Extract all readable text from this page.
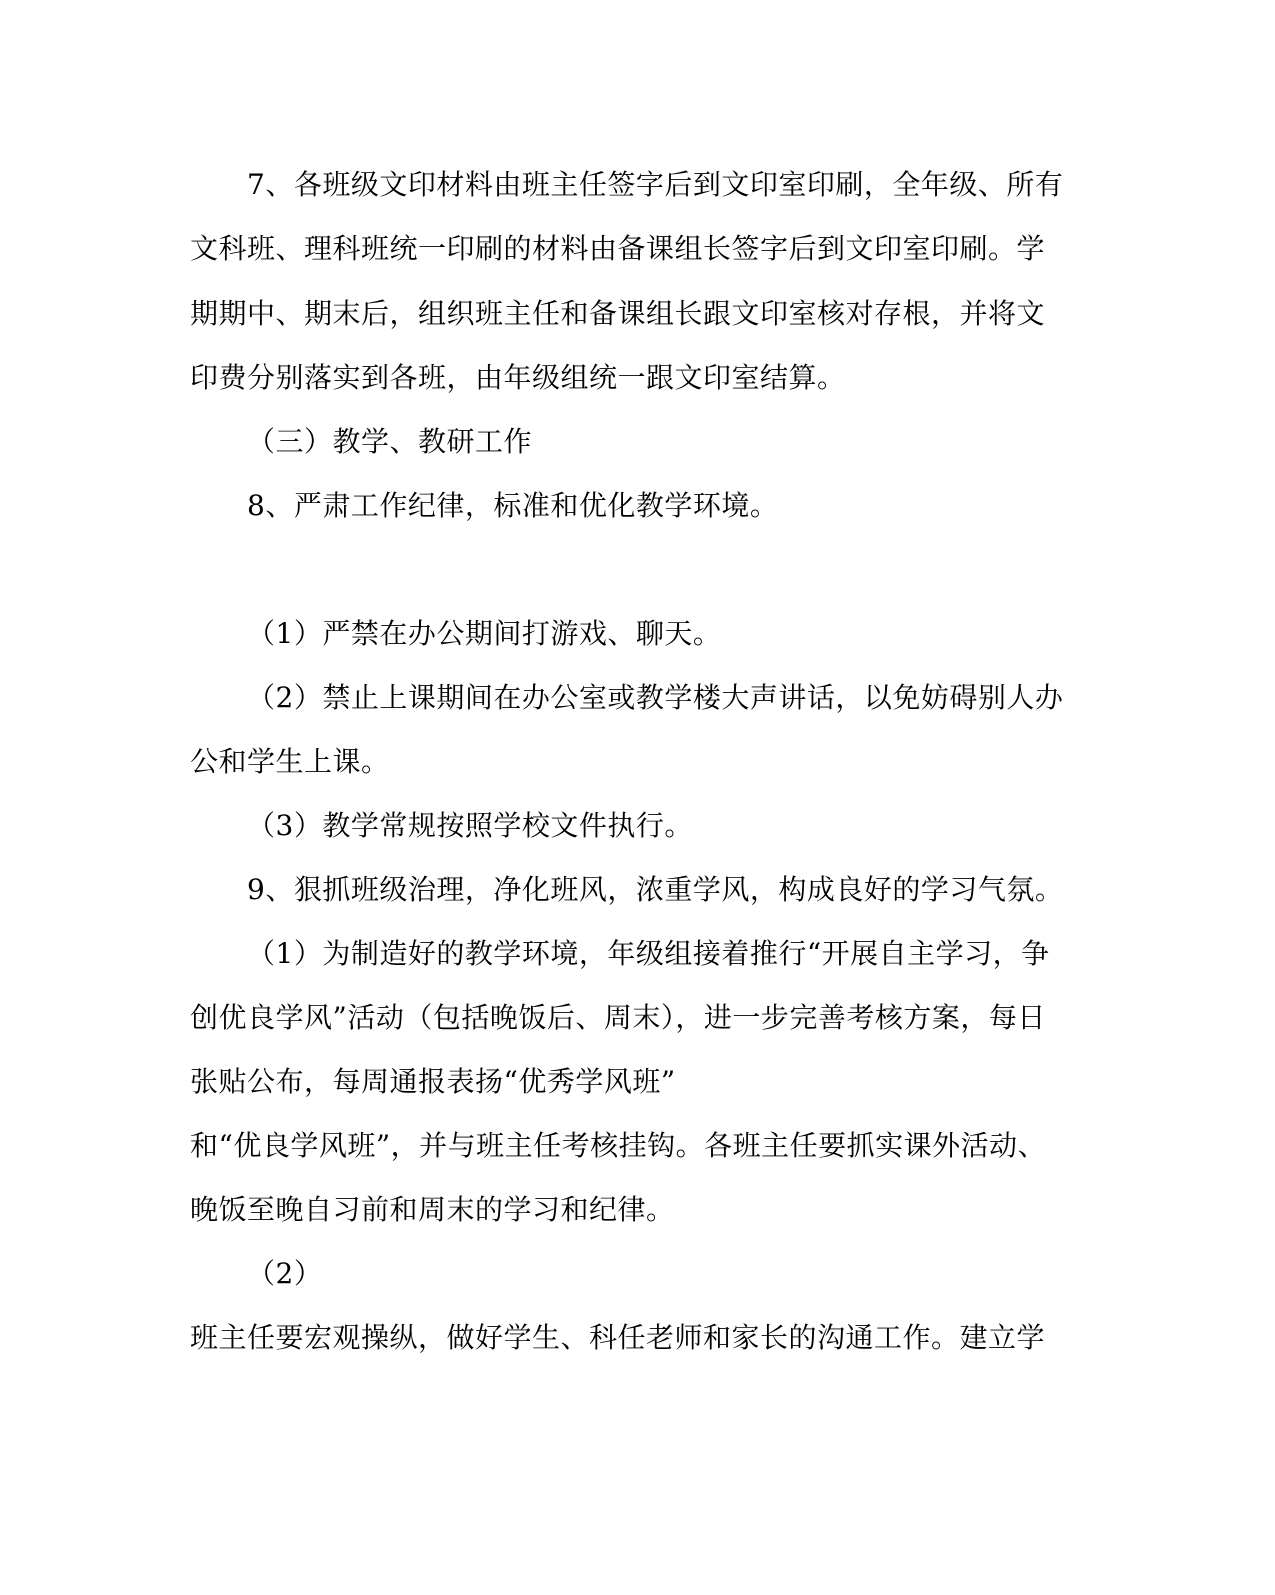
7、各班级文印材料由班主任签字后到文印室印刷，全年级、所有
文科班、理科班统一印刷的材料由备课组长签字后到文印室印刷。学
期期中、期末后，组织班主任和备课组长跟文印室核对存根，并将文
印费分别落实到各班，由年级组统一跟文印室结算。
（三）教学、教研工作
8、严肃工作纪律，标准和优化教学环境。
（1）严禁在办公期间打游戏、聊天。
（2）禁止上课期间在办公室或教学楼大声讲话，以免妨碍别人办
公和学生上课。
（3）教学常规按照学校文件执行。
9、狠抓班级治理，净化班风，浓重学风，构成良好的学习气氛。
（1）为制造好的教学环境，年级组接着推行“开展自主学习，争
创优良学风”活动（包括晚饭后、周末），进一步完善考核方案，每日
张贴公布，每周通报表扬“优秀学风班”
和“优良学风班”，并与班主任考核挂钩。各班主任要抓实课外活动、
晚饭至晚自习前和周末的学习和纪律。
（2）
班主任要宏观操纵，做好学生、科任老师和家长的沟通工作。建立学
